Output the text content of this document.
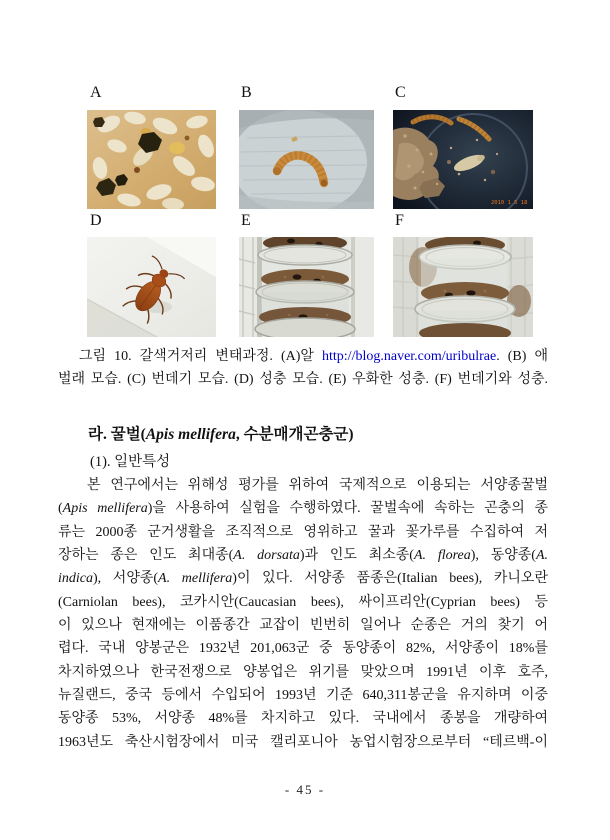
A	B	C
D	E	F
2010 1 5 18
그림 10. 갈색거저리 변태과정. (A)알 http://blog.naver.com/uribulrae. (B) 애
벌래 모습. (C) 번데기 모습. (D) 성충 모습. (E) 우화한 성충. (F) 번데기와 성충.
라. 꿀벌(Apis mellifera, 수분매개곤충군)
(1). 일반특성
본 연구에서는 위해성 평가를 위하여 국제적으로 이용되는 서양종꿀벌
(Apis mellifera)을 사용하여 실험을 수행하였다. 꿀벌속에 속하는 곤충의 종
류는 2000종 군거생활을 조직적으로 영위하고 꿀과 꽃가루를 수집하여 저
장하는 종은 인도 최대종(A. dorsata)과 인도 최소종(A. florea), 동양종(A.
indica), 서양종(A. mellifera)이 있다. 서양종 품종은(Italian bees), 카니오란
(Carniolan bees), 코카시안(Caucasian bees), 싸이프리안(Cyprian bees) 등
이 있으나 현재에는 이품종간 교잡이 빈번히 일어나 순종은 거의 찾기 어
렵다. 국내 양봉군은 1932년 201,063군 중 동양종이 82%, 서양종이 18%를
차지하였으나 한국전쟁으로 양봉업은 위기를 맞았으며 1991년 이후 호주,
뉴질랜드, 중국 등에서 수입되어 1993년 기준 640,311봉군을 유지하며 이중
동양종 53%, 서양종 48%를 차지하고 있다. 국내에서 종봉을 개량하여
1963년도 축산시험장에서 미국 캘리포니아 농업시험장으로부터 “테르백-이
- 45 -
